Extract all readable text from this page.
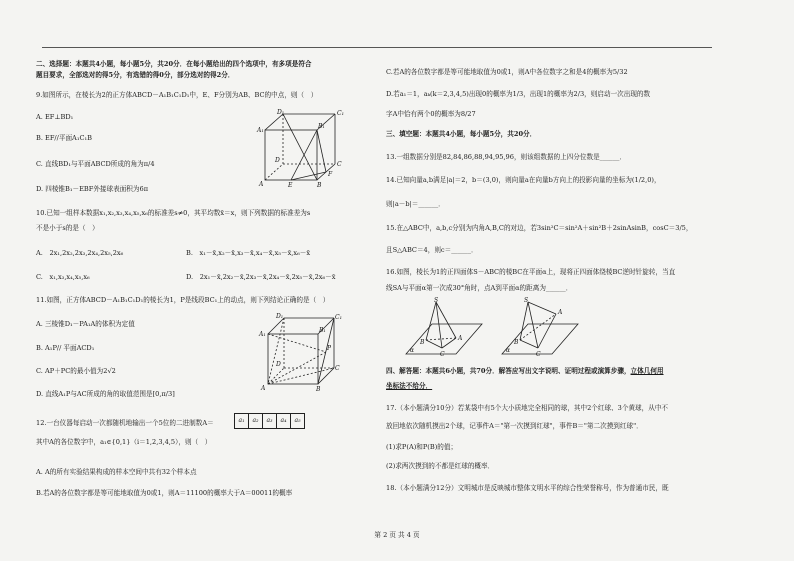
二、选择题：本题共4小题，每小题5分，共20分．在每小题给出的四个选项中，有多项是符合
题目要求，全部选对的得5分，有选错的得0分，部分选对的得2分．
9.如图所示，在棱长为2的正方体ABCD－A₁B₁C₁D₁中，E、F分别为AB、BC的中点，则（　）
A. EF⊥BD₁
B. EF//平面A₁C₁B
C. 直线BD₁与平面ABCD所成的角为π/4
D. 四棱锥B₁－EBF外接球表面积为6π
10.已知一组样本数据x₁,x₂,x₃,x₄,x₅,x₆的标准差s≠0，其平均数x̄＝x，则下列数据的标准差为s
不是小于s的是（　）
A.　2x₁,2x₂,2x₃,2x₄,2x₅,2x₆	B.　x₁－x̄,x₂－x̄,x₃－x̄,x₄－x̄,x₅－x̄,x₆－x̄
C.　x₁,x₃,x₄,x₅,x₆	D.　2x₁－x̄,2x₂－x̄,2x₃－x̄,2x₄－x̄,2x₅－x̄,2x₆－x̄
11.如图，正方体ABCD－A₁B₁C₁D₁的棱长为1，P是线段BC₁上的动点，则下列结论正确的是（　）
A. 三棱锥D₁－PA₁A的体积为定值
B. A₁P// 平面ACD₁
C. AP＋PC的最小值为2√2
D. 直线A₁P与AC所成的角的取值范围是[0,π/3]
12.一台仪器每启动一次都随机地输出一个5位的二进制数A＝	a₁	a₂	a₃	a₄	a₅
其中A的各位数字中，a₁∈{0,1}（i＝1,2,3,4,5），则（　）
A. A的所有实验结果构成的样本空间中共有32个样本点
B.若A的各位数字都是等可能地取值为0或1，则A＝11100的概率大于A＝00011的概率
D₁	C₁
A₁
B₁
D
C
A	E	B
F
D₁	C₁
A₁
B₁
D
C
P
A	B
C.若A的各位数字都是等可能地取值为0或1，则A中各位数字之和是4的概率为5/32
D.若a₁＝1，aₖ(k＝2,3,4,5)出现0的概率为1/3，出现1的概率为2/3，则启动一次出现的数
字A中恰有两个0的概率为8/27
三、填空题：本题共4小题，每小题5分，共20分．
13.一组数据分别是82,84,86,88,94,95,96，则该组数据的上四分位数是______．
14.已知向量a,b满足|a|＝2，b＝(3,0)，则向量a在向量b方向上的投影向量的坐标为(1/2,0)，
则|a－b|＝______．
15.在△ABC中，a,b,c分别为内角A,B,C的对边，若3sin²C＝sin²A＋sin²B＋2sinAsinB，cosC＝3/5，
且S△ABC＝4，则c＝______．
16.如图，棱长为1的正四面体S－ABC的棱BC在平面α上，现将正四面体绕棱BC逆时针旋转，当直
线SA与平面α第一次成30°角时，点A到平面α的距离为______．
四、解答题：本题共6小题，共70分．解答应写出文字说明、证明过程或演算步骤，立体几何用
坐标法不给分．
17.（本小题满分10分）若某袋中有5个大小质地完全相同的球，其中2个红球、3个黄球，从中不
放回地依次随机摸出2个球，记事件A＝"第一次摸到红球"，事件B＝"第二次摸到红球"．
(1)求P(A)和P(B)的值；
(2)求两次摸到的不都是红球的概率．
18.（本小题满分12分）文明城市是反映城市整体文明水平的综合性荣誉称号，作为普通市民，既
S
A
B
C
α
S
A
B
C
α
第 2 页 共 4 页
